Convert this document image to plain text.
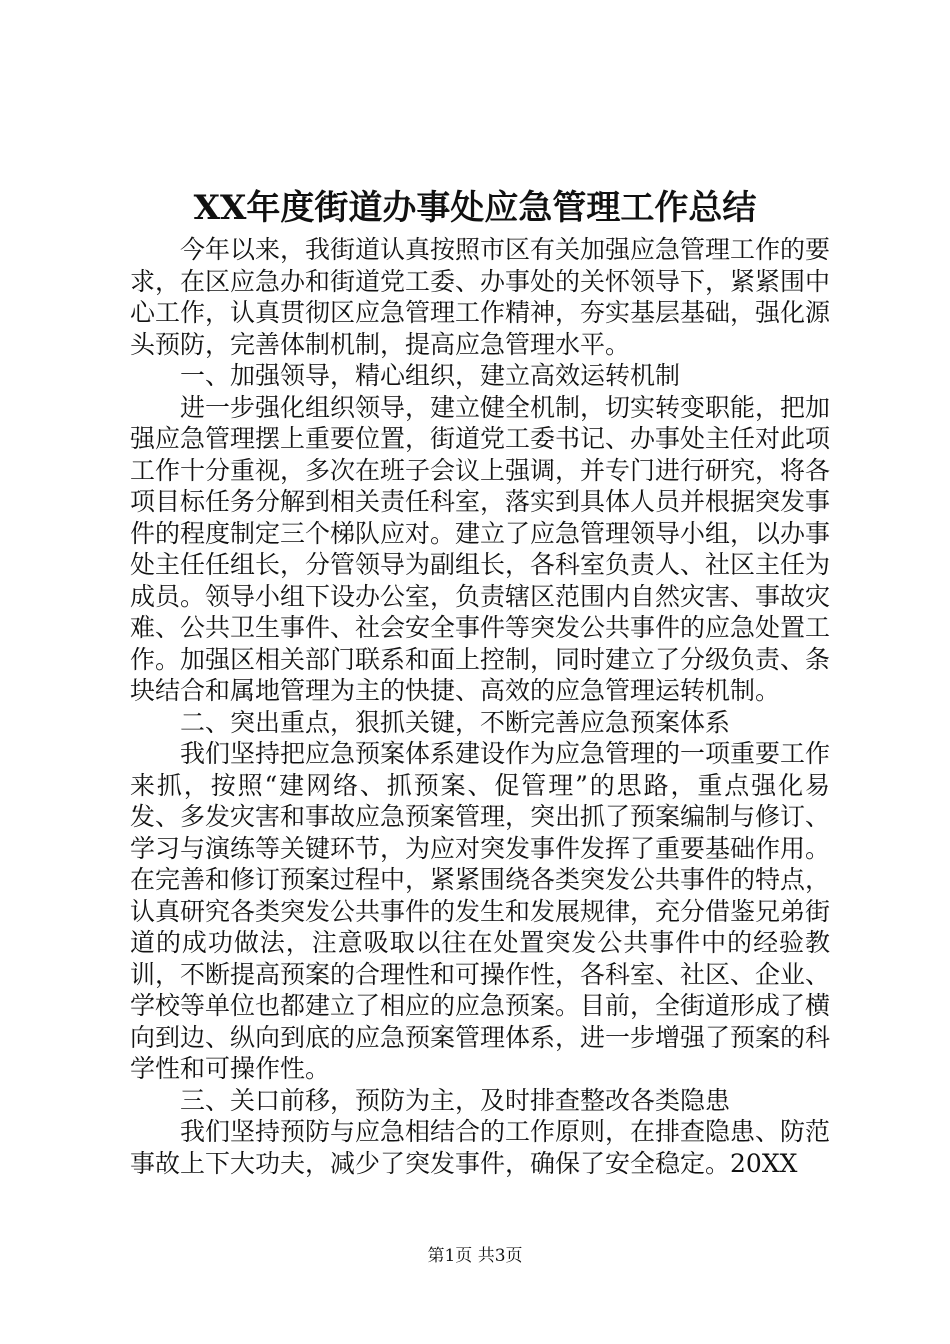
XX年度街道办事处应急管理工作总结

今年以来，我街道认真按照市区有关加强应急管理工作的要求，在区应急办和街道党工委、办事处的关怀领导下，紧紧围中心工作，认真贯彻区应急管理工作精神，夯实基层基础，强化源头预防，完善体制机制，提高应急管理水平。

一、加强领导，精心组织，建立高效运转机制

进一步强化组织领导，建立健全机制，切实转变职能，把加强应急管理摆上重要位置，街道党工委书记、办事处主任对此项工作十分重视，多次在班子会议上强调，并专门进行研究，将各项目标任务分解到相关责任科室，落实到具体人员并根据突发事件的程度制定三个梯队应对。建立了应急管理领导小组，以办事处主任任组长，分管领导为副组长，各科室负责人、社区主任为成员。领导小组下设办公室，负责辖区范围内自然灾害、事故灾难、公共卫生事件、社会安全事件等突发公共事件的应急处置工作。加强区相关部门联系和面上控制，同时建立了分级负责、条块结合和属地管理为主的快捷、高效的应急管理运转机制。

二、突出重点，狠抓关键，不断完善应急预案体系

我们坚持把应急预案体系建设作为应急管理的一项重要工作来抓，按照“建网络、抓预案、促管理”的思路，重点强化易发、多发灾害和事故应急预案管理，突出抓了预案编制与修订、学习与演练等关键环节，为应对突发事件发挥了重要基础作用。在完善和修订预案过程中，紧紧围绕各类突发公共事件的特点，认真研究各类突发公共事件的发生和发展规律，充分借鉴兄弟街道的成功做法，注意吸取以往在处置突发公共事件中的经验教训，不断提高预案的合理性和可操作性，各科室、社区、企业、学校等单位也都建立了相应的应急预案。目前，全街道形成了横向到边、纵向到底的应急预案管理体系，进一步增强了预案的科学性和可操作性。

三、关口前移，预防为主，及时排查整改各类隐患

我们坚持预防与应急相结合的工作原则，在排查隐患、防范事故上下大功夫，减少了突发事件，确保了安全稳定。20XX

第1页 共3页
